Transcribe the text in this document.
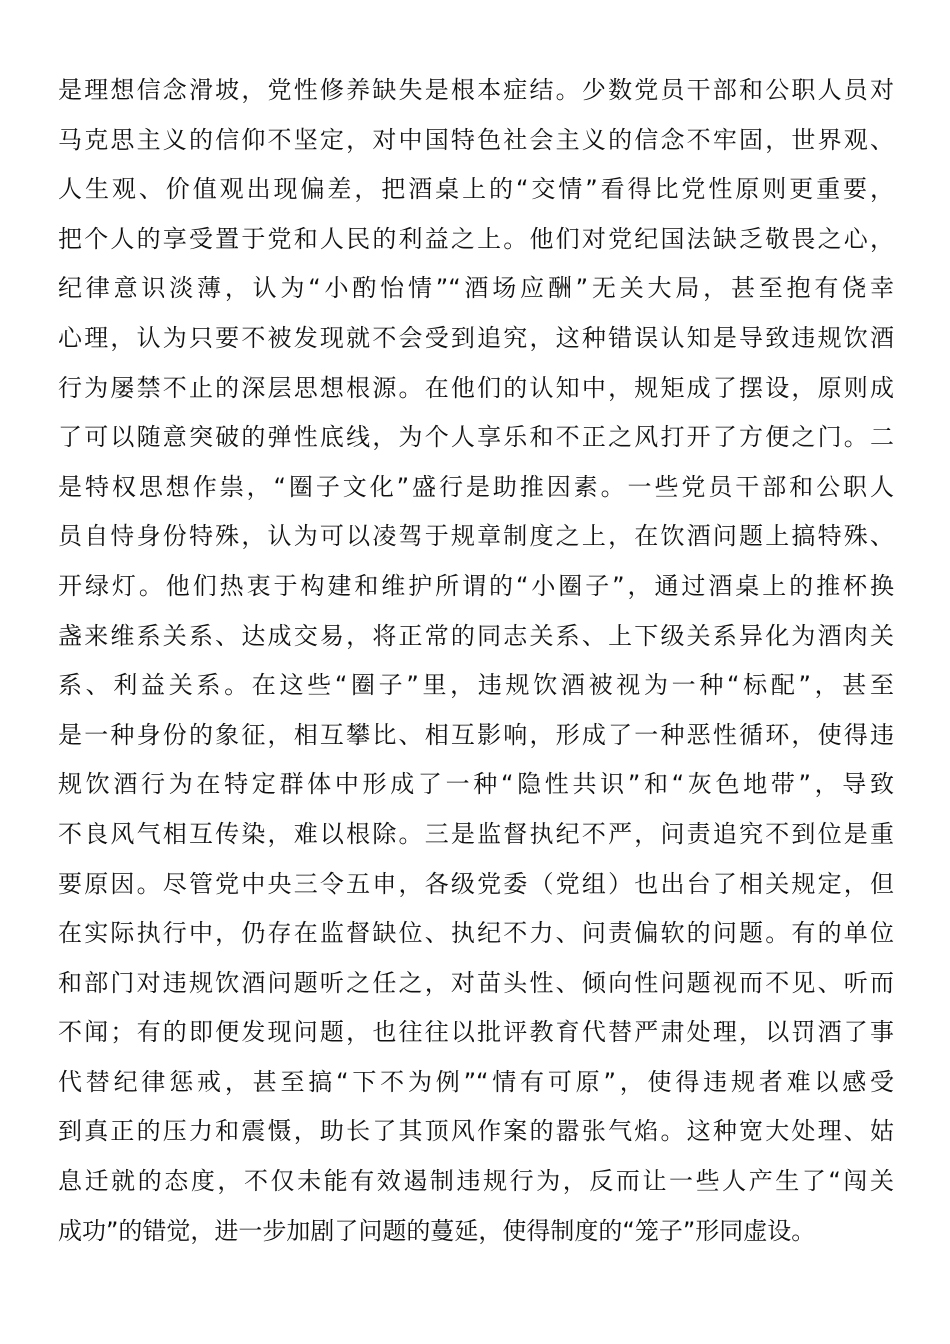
是理想信念滑坡，党性修养缺失是根本症结。少数党员干部和公职人员对
马克思主义的信仰不坚定，对中国特色社会主义的信念不牢固，世界观、
人生观、价值观出现偏差，把酒桌上的“交情”看得比党性原则更重要，
把个人的享受置于党和人民的利益之上。他们对党纪国法缺乏敬畏之心，
纪律意识淡薄，认为“小酌怡情”“酒场应酬”无关大局，甚至抱有侥幸
心理，认为只要不被发现就不会受到追究，这种错误认知是导致违规饮酒
行为屡禁不止的深层思想根源。在他们的认知中，规矩成了摆设，原则成
了可以随意突破的弹性底线，为个人享乐和不正之风打开了方便之门。二
是特权思想作祟，“圈子文化”盛行是助推因素。一些党员干部和公职人
员自恃身份特殊，认为可以凌驾于规章制度之上，在饮酒问题上搞特殊、
开绿灯。他们热衷于构建和维护所谓的“小圈子”，通过酒桌上的推杯换
盏来维系关系、达成交易，将正常的同志关系、上下级关系异化为酒肉关
系、利益关系。在这些“圈子”里，违规饮酒被视为一种“标配”，甚至
是一种身份的象征，相互攀比、相互影响，形成了一种恶性循环，使得违
规饮酒行为在特定群体中形成了一种“隐性共识”和“灰色地带”，导致
不良风气相互传染，难以根除。三是监督执纪不严，问责追究不到位是重
要原因。尽管党中央三令五申，各级党委（党组）也出台了相关规定，但
在实际执行中，仍存在监督缺位、执纪不力、问责偏软的问题。有的单位
和部门对违规饮酒问题听之任之，对苗头性、倾向性问题视而不见、听而
不闻；有的即便发现问题，也往往以批评教育代替严肃处理，以罚酒了事
代替纪律惩戒，甚至搞“下不为例”“情有可原”，使得违规者难以感受
到真正的压力和震慑，助长了其顶风作案的嚣张气焰。这种宽大处理、姑
息迁就的态度，不仅未能有效遏制违规行为，反而让一些人产生了“闯关
成功”的错觉，进一步加剧了问题的蔓延，使得制度的“笼子”形同虚设。
